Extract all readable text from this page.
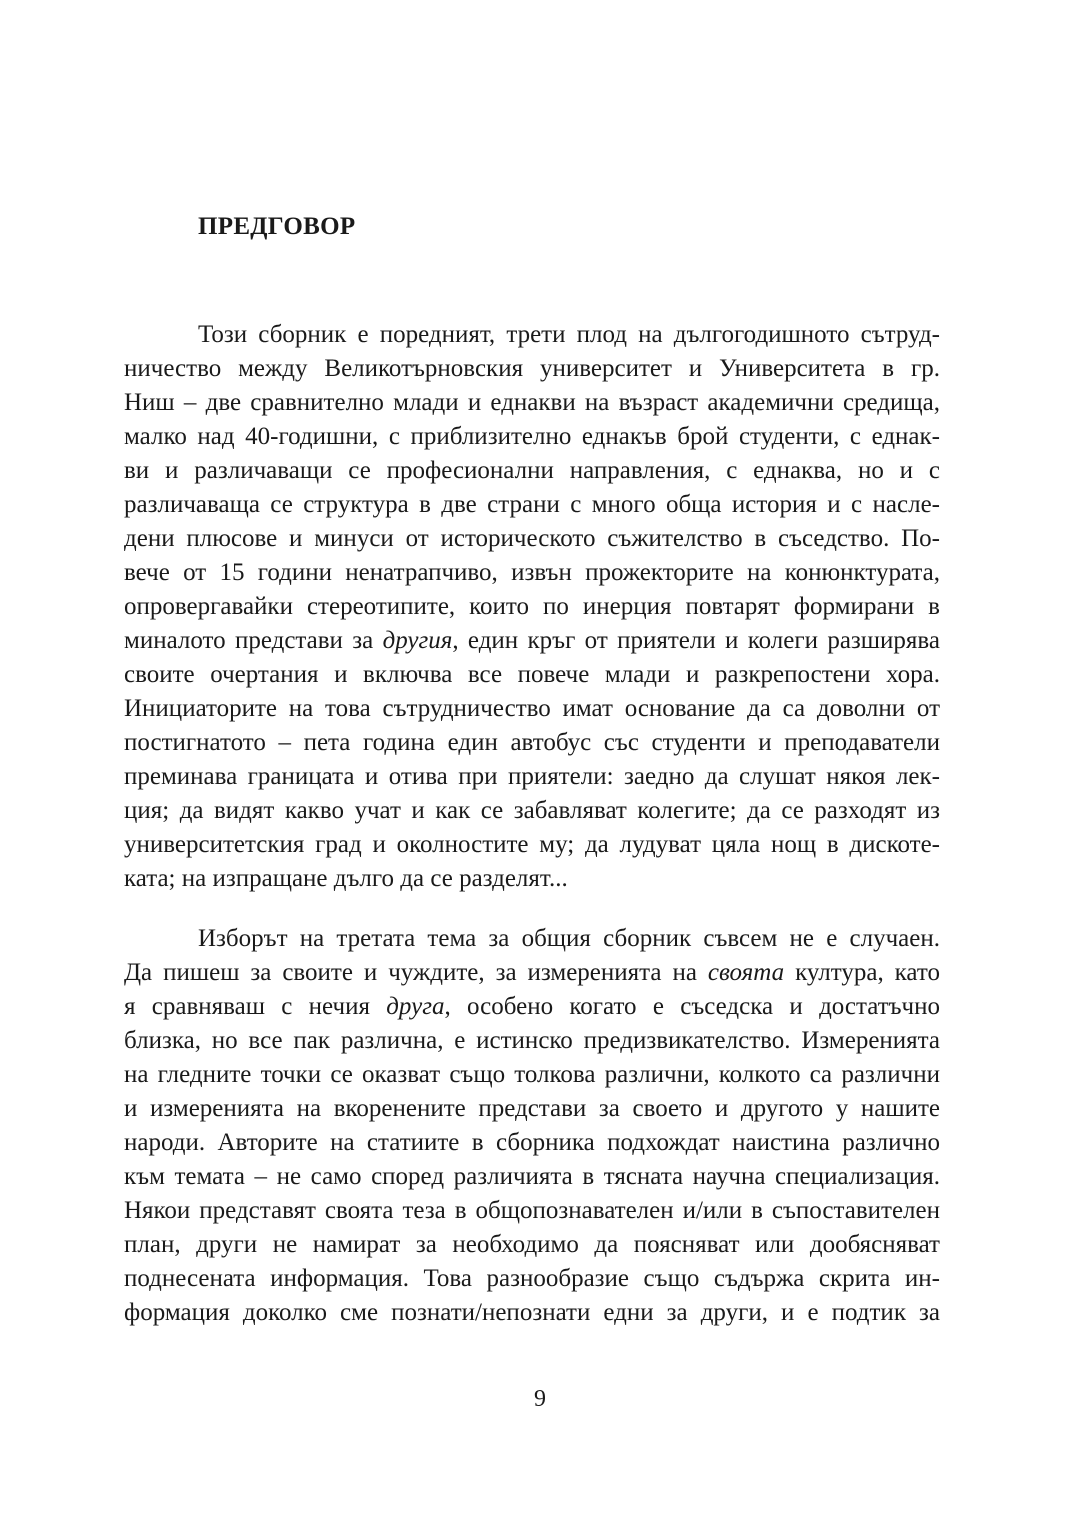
ПРЕДГОВОР

Този сборник е поредният, трети плод на дългогодишното сътруд-

ничество между Великотърновския университет и Университета в гр.

Ниш – две сравнително млади и еднакви на възраст академични средища,

малко над 40-годишни, с приблизително еднакъв брой студенти, с еднак-

ви и различаващи се професионални направления, с еднаква, но и с

различаваща се структура в две страни с много обща история и с насле-

дени плюсове и минуси от историческото съжителство в съседство. По-

вече от 15 години ненатрапчиво, извън прожекторите на конюнктурата,

опровергавайки стереотипите, които по инерция повтарят формирани в

миналото представи за другия, един кръг от приятели и колеги разширява

своите очертания и включва все повече млади и разкрепостени хора.

Инициаторите на това сътрудничество имат основание да са доволни от

постигнатото – пета година един автобус със студенти и преподаватели

преминава границата и отива при приятели: заедно да слушат някоя лек-

ция; да видят какво учат и как се забавляват колегите; да се разходят из

университетския град и околностите му; да лудуват цяла нощ в дискоте-

ката; на изпращане дълго да се разделят...

Изборът на третата тема за общия сборник съвсем не е случаен.

Да пишеш за своите и чуждите, за измеренията на своята култура, като

я сравняваш с нечия друга, особено когато е съседска и достатъчно

близка, но все пак различна, е истинско предизвикателство. Измеренията

на гледните точки се оказват също толкова различни, колкото са различни

и измеренията на вкоренените представи за своето и другото у нашите

народи. Авторите на статиите в сборника подхождат наистина различно

към темата – не само според различията в тясната научна специализация.

Някои представят своята теза в общопознавателен и/или в съпоставителен

план, други не намират за необходимо да поясняват или дообясняват

поднесената информация. Това разнообразие също съдържа скрита ин-

формация доколко сме познати/непознати едни за други, и е подтик за

9
